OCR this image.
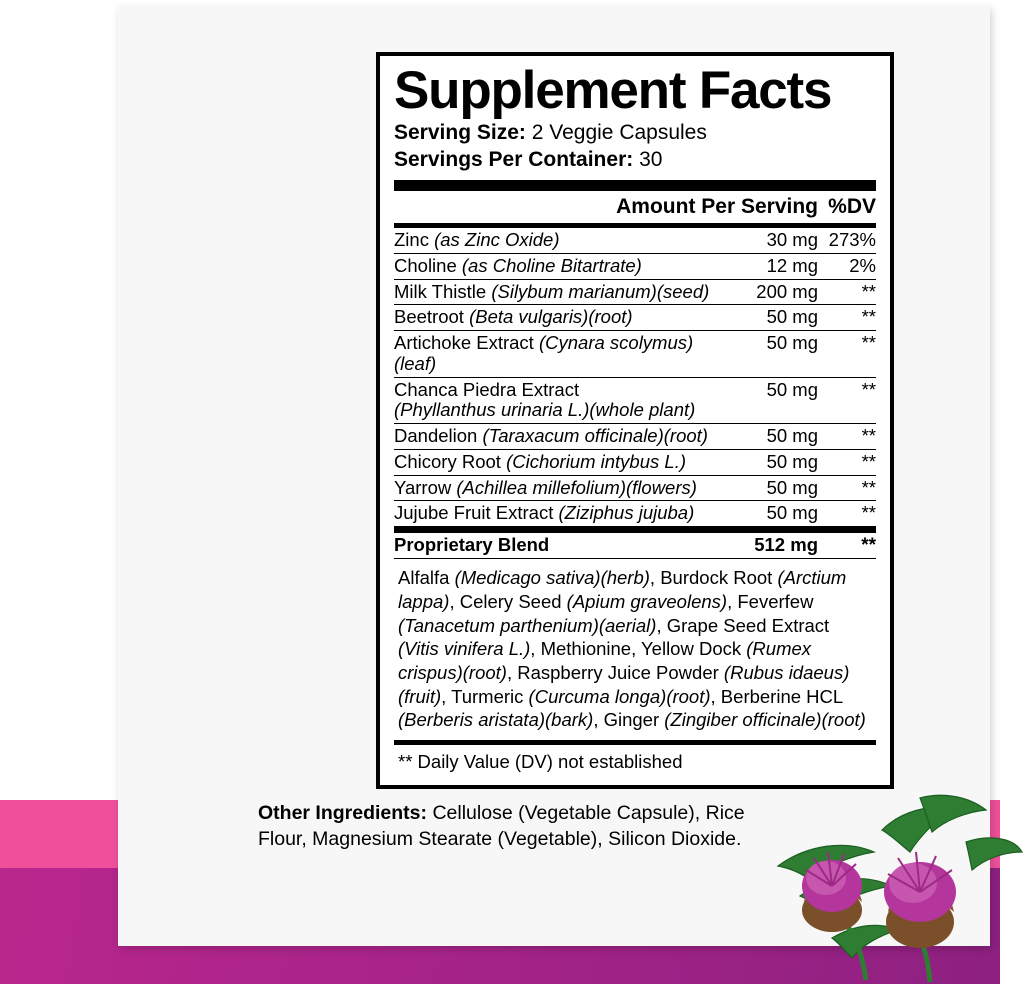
Supplement Facts
Serving Size: 2 Veggie Capsules
Servings Per Container: 30
Amount Per Serving	%DV
Zinc (as Zinc Oxide)	30 mg	273%
Choline (as Choline Bitartrate)	12 mg	2%
Milk Thistle (Silybum marianum)(seed)	200 mg	**
Beetroot (Beta vulgaris)(root)	50 mg	**
Artichoke Extract (Cynara scolymus)(leaf)	50 mg	**
Chanca Piedra Extract
(Phyllanthus urinaria L.)(whole plant)	50 mg	**
Dandelion (Taraxacum officinale)(root)	50 mg	**
Chicory Root (Cichorium intybus L.)	50 mg	**
Yarrow (Achillea millefolium)(flowers)	50 mg	**
Jujube Fruit Extract (Ziziphus jujuba)	50 mg	**
Proprietary Blend	512 mg	**
Alfalfa (Medicago sativa)(herb), Burdock Root (Arctium lappa), Celery Seed (Apium graveolens), Feverfew (Tanacetum parthenium)(aerial), Grape Seed Extract (Vitis vinifera L.), Methionine, Yellow Dock (Rumex crispus)(root), Raspberry Juice Powder (Rubus idaeus)(fruit), Turmeric (Curcuma longa)(root), Berberine HCL (Berberis aristata)(bark), Ginger (Zingiber officinale)(root)
** Daily Value (DV) not established
Other Ingredients: Cellulose (Vegetable Capsule), Rice Flour, Magnesium Stearate (Vegetable), Silicon Dioxide.
